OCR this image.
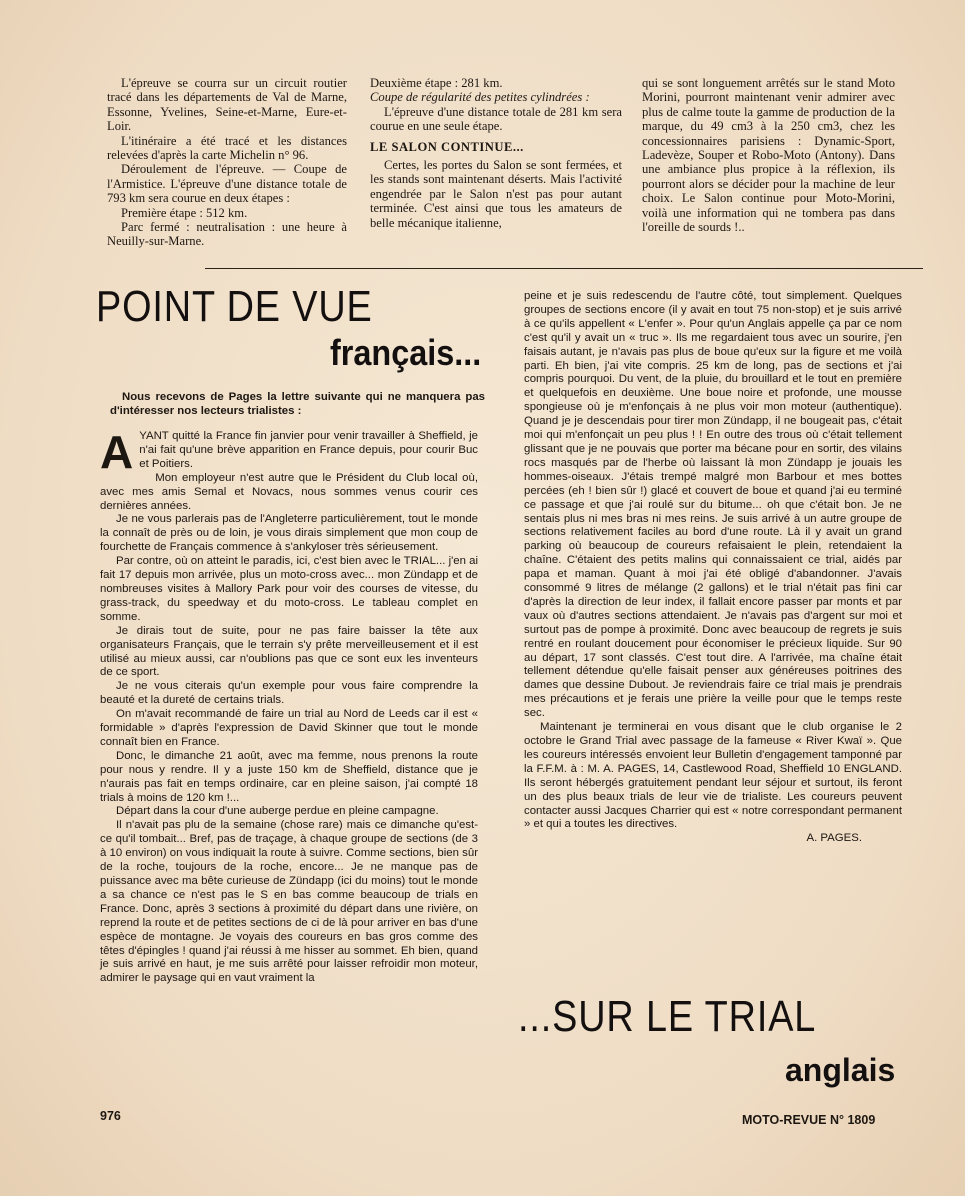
L'épreuve se courra sur un circuit routier tracé dans les départements de Val de Marne, Essonne, Yvelines, Seine-et-Marne, Eure-et-Loir.

L'itinéraire a été tracé et les distances relevées d'après la carte Michelin n° 96.

Déroulement de l'épreuve. — Coupe de l'Armistice. L'épreuve d'une distance totale de 793 km sera courue en deux étapes :

Première étape : 512 km.

Parc fermé : neutralisation : une heure à Neuilly-sur-Marne.

Deuxième étape : 281 km.

Coupe de régularité des petites cylindrées :

L'épreuve d'une distance totale de 281 km sera courue en une seule étape.

LE SALON CONTINUE...

Certes, les portes du Salon se sont fermées, et les stands sont maintenant déserts. Mais l'activité engendrée par le Salon n'est pas pour autant terminée. C'est ainsi que tous les amateurs de belle mécanique italienne,

qui se sont longuement arrêtés sur le stand Moto Morini, pourront maintenant venir admirer avec plus de calme toute la gamme de production de la marque, du 49 cm3 à la 250 cm3, chez les concessionnaires parisiens : Dynamic-Sport, Ladevèze, Souper et Robo-Moto (Antony). Dans une ambiance plus propice à la réflexion, ils pourront alors se décider pour la machine de leur choix. Le Salon continue pour Moto-Morini, voilà une information qui ne tombera pas dans l'oreille de sourds !..

POINT DE VUE
français...
Nous recevons de Pages la lettre suivante qui ne manquera pas d'intéresser nos lecteurs trialistes :

AYANT quitté la France fin janvier pour venir travailler à Sheffield, je n'ai fait qu'une brève apparition en France depuis, pour courir Buc et Poitiers.

Mon employeur n'est autre que le Président du Club local où, avec mes amis Semal et Novacs, nous sommes venus courir ces dernières années.

Je ne vous parlerais pas de l'Angleterre particulièrement, tout le monde la connaît de près ou de loin, je vous dirais simplement que mon coup de fourchette de Français commence à s'ankyloser très sérieusement.

Par contre, où on atteint le paradis, ici, c'est bien avec le TRIAL... j'en ai fait 17 depuis mon arrivée, plus un moto-cross avec... mon Zündapp et de nombreuses visites à Mallory Park pour voir des courses de vitesse, du grass-track, du speedway et du moto-cross. Le tableau complet en somme.

Je dirais tout de suite, pour ne pas faire baisser la tête aux organisateurs Français, que le terrain s'y prête merveilleusement et il est utilisé au mieux aussi, car n'oublions pas que ce sont eux les inventeurs de ce sport.

Je ne vous citerais qu'un exemple pour vous faire comprendre la beauté et la dureté de certains trials.

On m'avait recommandé de faire un trial au Nord de Leeds car il est « formidable » d'après l'expression de David Skinner que tout le monde connaît bien en France.

Donc, le dimanche 21 août, avec ma femme, nous prenons la route pour nous y rendre. Il y a juste 150 km de Sheffield, distance que je n'aurais pas fait en temps ordinaire, car en pleine saison, j'ai compté 18 trials à moins de 120 km !...

Départ dans la cour d'une auberge perdue en pleine campagne.

Il n'avait pas plu de la semaine (chose rare) mais ce dimanche qu'est-ce qu'il tombait... Bref, pas de traçage, à chaque groupe de sections (de 3 à 10 environ) on vous indiquait la route à suivre. Comme sections, bien sûr de la roche, toujours de la roche, encore... Je ne manque pas de puissance avec ma bête curieuse de Zündapp (ici du moins) tout le monde a sa chance ce n'est pas le S en bas comme beaucoup de trials en France. Donc, après 3 sections à proximité du départ dans une rivière, on reprend la route et de petites sections de ci de là pour arriver en bas d'une espèce de montagne. Je voyais des coureurs en bas gros comme des têtes d'épingles ! quand j'ai réussi à me hisser au sommet. Eh bien, quand je suis arrivé en haut, je me suis arrêté pour laisser refroidir mon moteur, admirer le paysage qui en vaut vraiment la

peine et je suis redescendu de l'autre côté, tout simplement. Quelques groupes de sections encore (il y avait en tout 75 non-stop) et je suis arrivé à ce qu'ils appellent « L'enfer ». Pour qu'un Anglais appelle ça par ce nom c'est qu'il y avait un « truc ». Ils me regardaient tous avec un sourire, j'en faisais autant, je n'avais pas plus de boue qu'eux sur la figure et me voilà parti. Eh bien, j'ai vite compris. 25 km de long, pas de sections et j'ai compris pourquoi. Du vent, de la pluie, du brouillard et le tout en première et quelquefois en deuxième. Une boue noire et profonde, une mousse spongieuse où je m'enfonçais à ne plus voir mon moteur (authentique). Quand je je descendais pour tirer mon Zündapp, il ne bougeait pas, c'était moi qui m'enfonçait un peu plus ! ! En outre des trous où c'était tellement glissant que je ne pouvais que porter ma bécane pour en sortir, des vilains rocs masqués par de l'herbe où laissant là mon Zündapp je jouais les hommes-oiseaux. J'étais trempé malgré mon Barbour et mes bottes percées (eh ! bien sûr !) glacé et couvert de boue et quand j'ai eu terminé ce passage et que j'ai roulé sur du bitume... oh que c'était bon. Je ne sentais plus ni mes bras ni mes reins. Je suis arrivé à un autre groupe de sections relativement faciles au bord d'une route. Là il y avait un grand parking où beaucoup de coureurs refaisaient le plein, retendaient la chaîne. C'étaient des petits malins qui connaissaient ce trial, aidés par papa et maman. Quant à moi j'ai été obligé d'abandonner. J'avais consommé 9 litres de mélange (2 gallons) et le trial n'était pas fini car d'après la direction de leur index, il fallait encore passer par monts et par vaux où d'autres sections attendaient. Je n'avais pas d'argent sur moi et surtout pas de pompe à proximité. Donc avec beaucoup de regrets je suis rentré en roulant doucement pour économiser le précieux liquide. Sur 90 au départ, 17 sont classés. C'est tout dire. A l'arrivée, ma chaîne était tellement détendue qu'elle faisait penser aux généreuses poitrines des dames que dessine Dubout. Je reviendrais faire ce trial mais je prendrais mes précautions et je ferais une prière la veille pour que le temps reste sec.

Maintenant je terminerai en vous disant que le club organise le 2 octobre le Grand Trial avec passage de la fameuse « River Kwaï ». Que les coureurs intéressés envoient leur Bulletin d'engagement tamponné par la F.F.M. à : M. A. PAGES, 14, Castlewood Road, Sheffield 10 ENGLAND. Ils seront hébergés gratuitement pendant leur séjour et surtout, ils feront un des plus beaux trials de leur vie de trialiste. Les coureurs peuvent contacter aussi Jacques Charrier qui est « notre correspondant permanent » et qui a toutes les directives.

A. PAGES.

...SUR LE TRIAL
anglais
976	MOTO-REVUE N° 1809
